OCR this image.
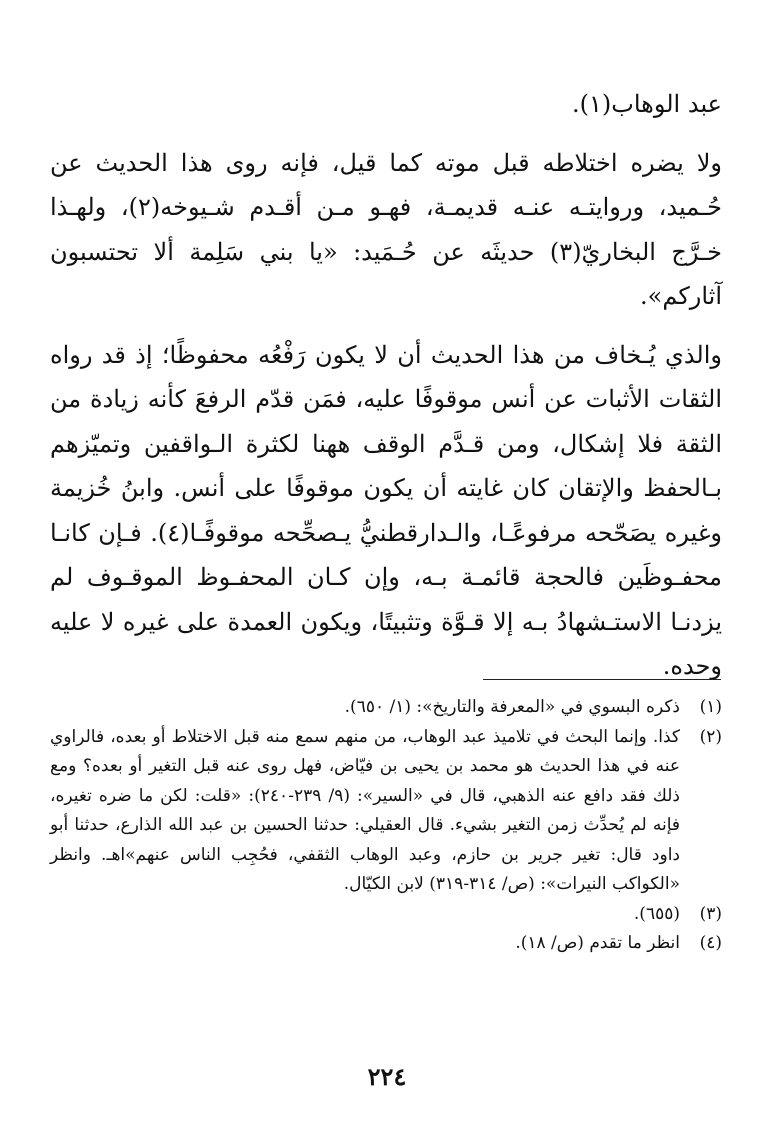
عبد الوهاب(١).

ولا يضره اختلاطه قبل موته كما قيل، فإنه روى هذا الحديث عن حُـميد، وروايتـه عنـه قديمـة، فهـو مـن أقـدم شـيوخه(٢)، ولهـذا خـرَّج البخاريّ(٣) حديثَه عن حُـمَيد: «يا بني سَلِمة ألا تحتسبون آثاركم».

والذي يُـخاف من هذا الحديث أن لا يكون رَفْعُه محفوظًا؛ إذ قد رواه الثقات الأثبات عن أنس موقوفًا عليه، فمَن قدّم الرفعَ كأنه زيادة من الثقة فلا إشكال، ومن قـدَّم الوقف ههنا لكثرة الـواقفين وتميّزهم بـالحفظ والإتقان كان غايته أن يكون موقوفًا على أنس. وابنُ خُزيمة وغيره يصَحّحه مرفوعًـا، والـدارقطنيُّ يـصحِّحه موقوفًـا(٤). فـإن كانـا محفـوظَين فالحجة قائمـة بـه، وإن كـان المحفـوظ الموقـوف لم يزدنـا الاستـشهادُ بـه إلا قـوَّة وتثبيتًا، ويكون العمدة على غيره لا عليه وحده.

(١)
ذكره البسوي في «المعرفة والتاريخ»: (١/ ٦٥٠).
(٢)
كذا. وإنما البحث في تلاميذ عبد الوهاب، من منهم سمع منه قبل الاختلاط أو بعده، فالراوي عنه في هذا الحديث هو محمد بن يحيى بن فيّاض، فهل روى عنه قبل التغير أو بعده؟ ومع ذلك فقد دافع عنه الذهبي، قال في «السير»: (٩/ ٢٣٩-٢٤٠): «قلت: لكن ما ضره تغيره، فإنه لم يُحدِّث زمن التغير بشيء. قال العقيلي: حدثنا الحسين بن عبد الله الذارع، حدثنا أبو داود قال: تغير جرير بن حازم، وعبد الوهاب الثقفي، فحُجِب الناس عنهم»اهـ. وانظر «الكواكب النيرات»: (ص/ ٣١٤-٣١٩) لابن الكيّال.
(٣)
(٦٥٥).
(٤)
انظر ما تقدم (ص/ ١٨).
٢٢٤
